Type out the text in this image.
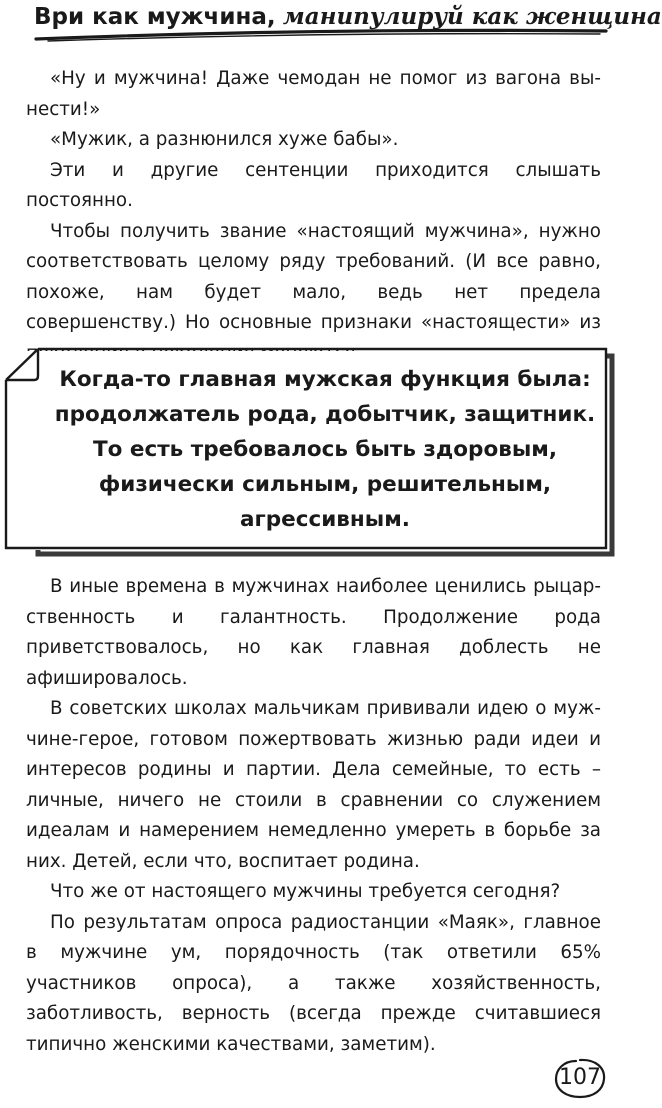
Ври как мужчина, манипулируй как женщина

«Ну и мужчина! Даже чемодан не помог из вагона вынести!»

«Мужик, а разнюнился хуже бабы».

Эти и другие сентенции приходится слышать постоянно.

Чтобы получить звание «настоящий мужчина», нужно соответствовать целому ряду требований. (И все равно, похоже, нам будет мало, ведь нет предела совершенству.) Но основные признаки «настоящести» из

Когда-то главная мужская функция была: продолжатель рода, добытчик, защитник. То есть требовалось быть здоровым, физически сильным, решительным, агрессивным.

В иные времена в мужчинах наиболее ценились рыцарственность и галантность. Продолжение рода приветствовалось, но как главная доблесть не афишировалось.

В советских школах мальчикам прививали идею о мужчине-герое, готовом пожертвовать жизнью ради идеи и интересов родины и партии. Дела семейные, то есть – личные, ничего не стоили в сравнении со служением идеалам и намерением немедленно умереть в борьбе за них. Детей, если что, воспитает родина.

Что же от настоящего мужчины требуется сегодня?

По результатам опроса радиостанции «Маяк», главное в мужчине ум, порядочность (так ответили 65% участников опроса), а также хозяйственность, заботливость, верность (всегда прежде считавшиеся типично женскими качествами, заметим).

107
